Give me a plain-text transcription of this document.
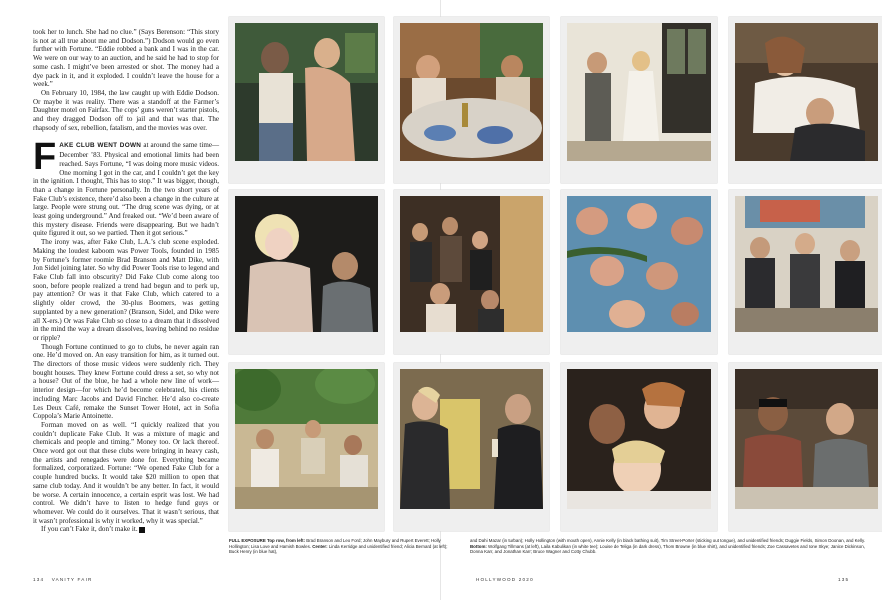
took her to lunch. She had no clue.” (Says Berenson: “This story is not at all true about me and Dodson.”) Dodson would go even further with Fortune. “Eddie robbed a bank and I was in the car. We were on our way to an auction, and he said he had to stop for some cash. I might’ve been arrested or shot. The money had a dye pack in it, and it exploded. I couldn’t leave the house for a week.”

On February 10, 1984, the law caught up with Eddie Dodson. Or maybe it was reality. There was a standoff at the Farmer’s Daughter motel on Fairfax. The cops’ guns weren’t starter pistols, and they dragged Dodson off to jail and that was that. The rhapsody of sex, rebellion, fatalism, and the movies was over.

FAKE CLUB WENT DOWN at around the same time—December ’83. Physical and emotional limits had been reached. Says Fortune, “I was doing more music videos. One morning I got in the car, and I couldn’t get the key in the ignition. I thought, This has to stop.” It was bigger, though, than a change in Fortune personally. In the two short years of Fake Club’s existence, there’d also been a change in the culture at large. People were strung out. “The drug scene was dying, or at least going underground.” And freaked out. “We’d been aware of this mystery disease. Friends were disappearing. But we hadn’t quite figured it out, so we partied. Then it got serious.”

The irony was, after Fake Club, L.A.’s club scene exploded. Making the loudest kaboom was Power Tools, founded in 1985 by Fortune’s former roomie Brad Branson and Matt Dike, with Jon Sidel joining later. So why did Power Tools rise to legend and Fake Club fall into obscurity? Did Fake Club come along too soon, before people realized a trend had begun and to perk up, pay attention? Or was it that Fake Club, which catered to a slightly older crowd, the 30-plus Boomers, was getting supplanted by a new generation? (Branson, Sidel, and Dike were all X-ers.) Or was Fake Club so close to a dream that it dissolved in the mind the way a dream dissolves, leaving behind no residue or ripple?

Though Fortune continued to go to clubs, he never again ran one. He’d moved on. An easy transition for him, as it turned out. The directors of those music videos were suddenly rich. They bought houses. They knew Fortune could dress a set, so why not a house? Out of the blue, he had a whole new line of work—interior design—for which he’d become celebrated, his clients including Marc Jacobs and David Fincher. He’d also co-create Les Deux Café, remake the Sunset Tower Hotel, act in Sofia Coppola’s Marie Antoinette.

Forman moved on as well. “I quickly realized that you couldn’t duplicate Fake Club. It was a mixture of magic and chemicals and people and timing.” Money too. Or lack thereof. Once word got out that these clubs were bringing in heavy cash, the artists and renegades were done for. Everything became formalized, corporatized. Fortune: “We opened Fake Club for a couple hundred bucks. It would take $20 million to open that same club today. And it wouldn’t be any better. In fact, it would be worse. A certain innocence, a certain esprit was lost. We had control. We didn’t have to listen to hedge fund guys or whomever. We could do it ourselves. That it wasn’t serious, that it wasn’t professional is why it worked, why it was special.”

If you can’t Fake it, don’t make it. N

FULL EXPOSURE Top row, from left: Brad Branson and Leo Ford; John Maybury and Rupert Everett; Holly Hollington; Lisa Love and Hamish Bowles. Center: Linda Kerridge and unidentified friend; Alicia Bernard (at left); Buck Henry (in blue hat),
and Dahi Mazar (in turban); Holly Hollington (with mouth open), Annie Kelly (in black bathing suit), Tim Street-Porter (sticking out tongue), and unidentified friends; Duggie Fields, Simon Doonan, and Kelly. Bottom: Wolfgang Tillmans (at left), Laila Kabulikan (in white tee); Louise de Teliga (in dark dress), Thom Browne (in blue shirt), and unidentified friends; Zoe Cassavetes and Ione Skye; Janice Dickinson, Donna Karr, and Jonathan Karr; Bruce Wagner and Cotty Chubb.
134 VANITY FAIR	HOLLYWOOD 2020	135
